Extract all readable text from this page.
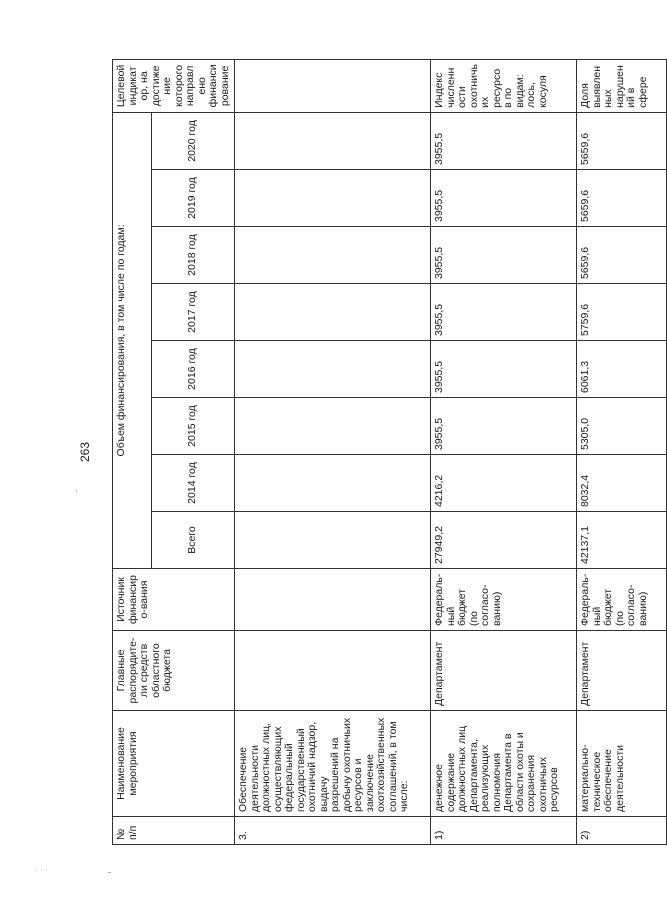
263
' ' '
№ п/п	Наименование мероприятия	Главные распорядите-ли средств областного бюджета	Источник финансиро-вания	Объем финансирования, в том числе по годам:								Целевой индикатор, на достижение которого направлено финансирование
				Всего	2014 год	2015 год	2016 год	2017 год	2018 год	2019 год	2020 год	
3.	Обеспечение деятельности должностных лиц, осуществляющих федеральный государственный охотничий надзор, выдачу разрешений на добычу охотничьих ресурсов и заключение охотхозяйственных соглашений, в том числе:											
1)	денежное содержание должностных лиц Департамента, реализующих полномочия Департамента в области охоты и сохранения охотничьих ресурсов	Департамент	Федераль-ный бюджет (по согласо-ванию)	27949,2	4216,2	3955,5	3955,5	3955,5	3955,5	3955,5	3955,5	Индекс численности охотничьих ресурсов по видам: лось, косуля
2)	материально-техническое обеспечение деятельности	Департамент	Федераль-ный бюджет (по согласо-ванию)	42137,1	8032,4	5305,0	6061,3	5759,6	5659,6	5659,6	5659,6	Доля выявленных нарушений в сфере
